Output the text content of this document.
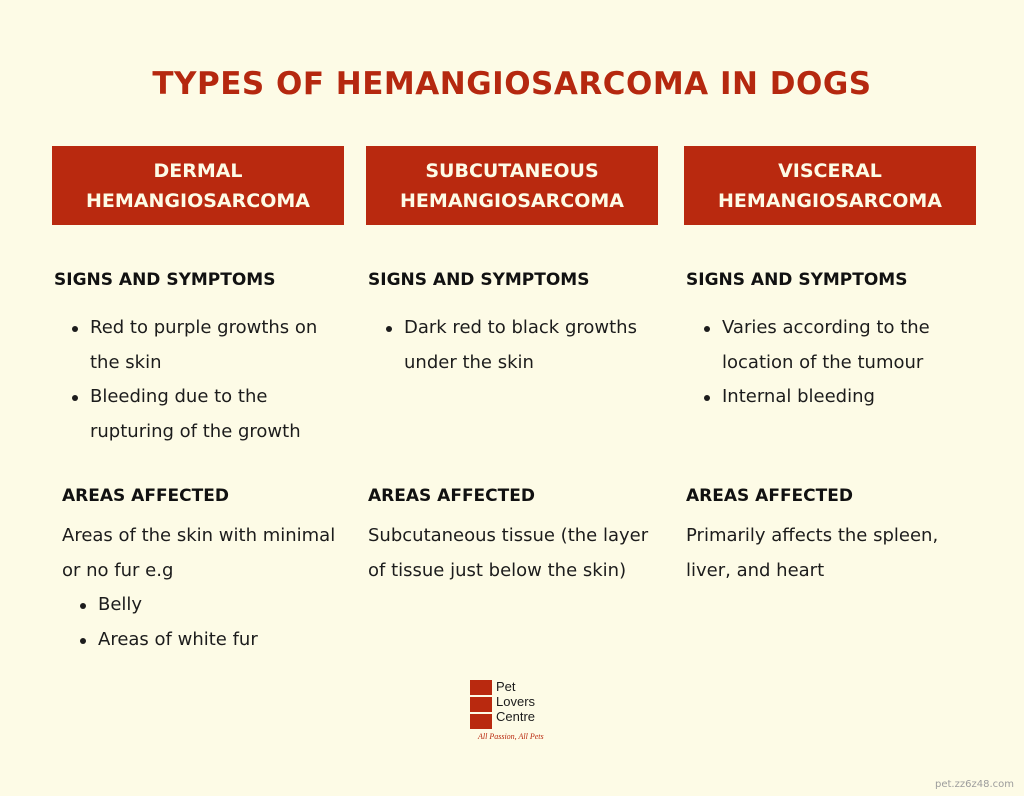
TYPES OF HEMANGIOSARCOMA IN DOGS
DERMAL
HEMANGIOSARCOMA
SIGNS AND SYMPTOMS
Red to purple growths on the skin
Bleeding due to the rupturing of the growth
AREAS AFFECTED
Areas of the skin with minimal or no fur e.g
Belly
Areas of white fur
SUBCUTANEOUS
HEMANGIOSARCOMA
SIGNS AND SYMPTOMS
Dark red to black growths under the skin
AREAS AFFECTED
Subcutaneous tissue (the layer of tissue just below the skin)
VISCERAL
HEMANGIOSARCOMA
SIGNS AND SYMPTOMS
Varies according to the location of the tumour
Internal bleeding
AREAS AFFECTED
Primarily affects the spleen, liver, and heart
Pet
Lovers
Centre
All Passion, All Pets
pet.zz6z48.com
